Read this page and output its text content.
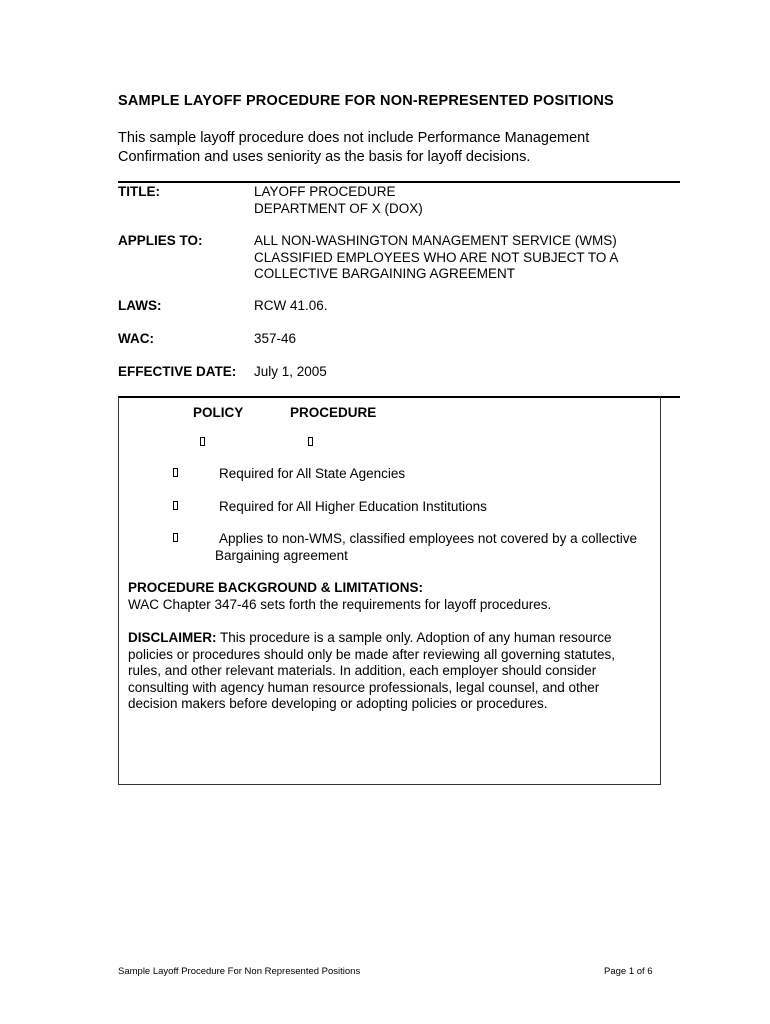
SAMPLE LAYOFF PROCEDURE FOR NON-REPRESENTED POSITIONS
This sample layoff procedure does not include Performance Management
Confirmation and uses seniority as the basis for layoff decisions.
TITLE:	LAYOFF PROCEDURE
DEPARTMENT OF X (DOX)
APPLIES TO:	ALL NON-WASHINGTON MANAGEMENT SERVICE (WMS)
CLASSIFIED EMPLOYEES WHO ARE NOT SUBJECT TO A
COLLECTIVE BARGAINING AGREEMENT
LAWS:	RCW 41.06.
WAC:	357-46
EFFECTIVE DATE: July 1, 2005
POLICY	PROCEDURE
Required for All State Agencies
Required for All Higher Education Institutions
Applies to non-WMS, classified employees not covered by a collective
Bargaining agreement
PROCEDURE BACKGROUND & LIMITATIONS:
WAC Chapter 347-46 sets forth the requirements for layoff procedures.
DISCLAIMER: This procedure is a sample only. Adoption of any human resource
policies or procedures should only be made after reviewing all governing statutes,
rules, and other relevant materials. In addition, each employer should consider
consulting with agency human resource professionals, legal counsel, and other
decision makers before developing or adopting policies or procedures.
Sample Layoff Procedure For Non Represented Positions	Page 1 of 6
